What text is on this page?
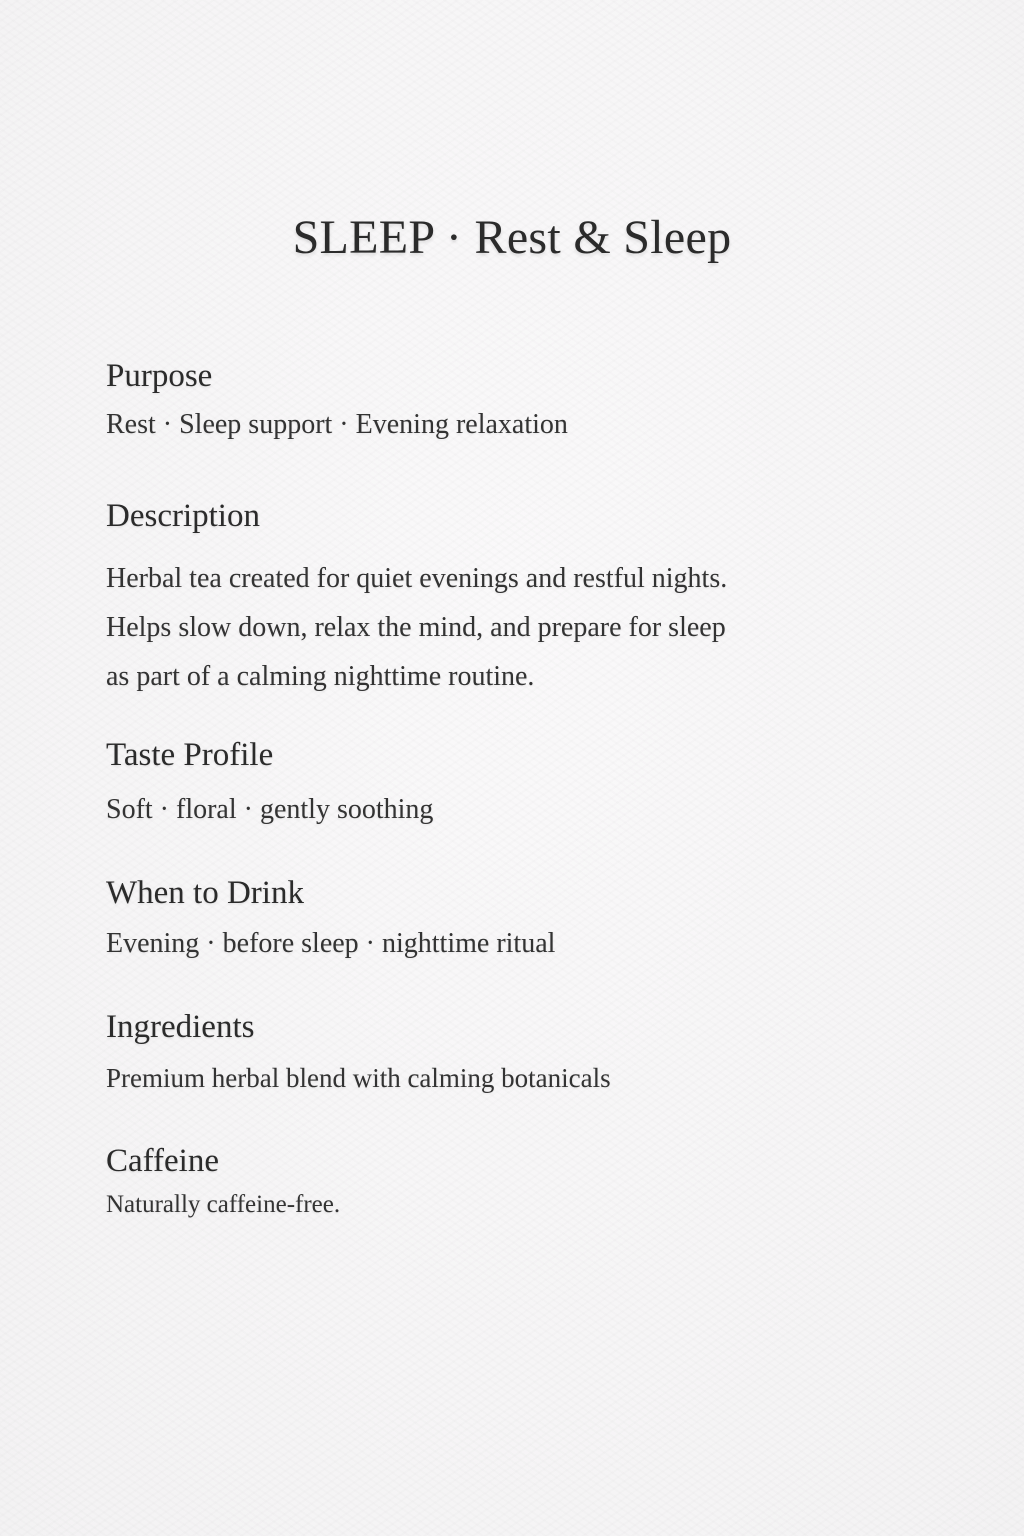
SLEEP · Rest & Sleep
Purpose

Rest · Sleep support · Evening relaxation

Description
Herbal tea created for quiet evenings and restful nights.
Helps slow down, relax the mind, and prepare for sleep
as part of a calming nighttime routine.
Taste Profile

Soft · floral · gently soothing

When to Drink

Evening · before sleep · nighttime ritual

Ingredients

Premium herbal blend with calming botanicals

Caffeine

Naturally caffeine-free.
